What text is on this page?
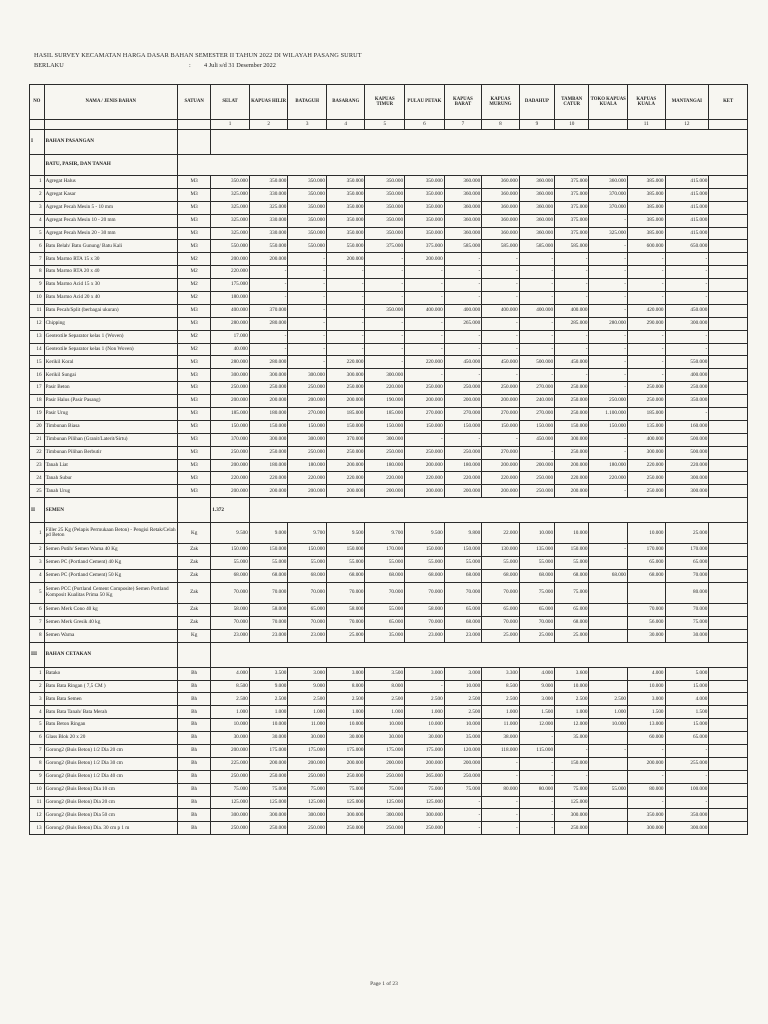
HASIL SURVEY KECAMATAN HARGA DASAR BAHAN SEMESTER II TAHUN 2022 DI WILAYAH PASANG SURUT
BERLAKU	: 4 Juli s/d 31 Desember 2022
NO	NAMA / JENIS BAHAN	SATUAN	SELAT	KAPUAS HILIR	BATAGUH	BASARANG	KAPUAS TIMUR	PULAU PETAK	KAPUAS BARAT	KAPUAS MURUNG	DADAHUP	TAMBAN CATUR	TOKO KAPUAS KUALA	KAPUAS KUALA	MANTANGAI	KET
			1	2	3	4	5	6	7	8	9	10		11	12	
I	BAHAN PASANGAN															
	BATU, PASIR, DAN TANAH															
1	Agregat Halus	M3	350.000	350.000	350.000	350.000	350.000	350.000	360.000	360.000	360.000	375.000	360.000	385.000	415.000	
2	Agregat Kasar	M3	325.000	330.000	350.000	350.000	350.000	350.000	360.000	360.000	360.000	375.000	370.000	385.000	415.000	
3	Agregat Pecah Mesin 5 - 10 mm	M3	325.000	325.000	350.000	350.000	350.000	350.000	360.000	360.000	360.000	375.000	370.000	385.000	415.000	
4	Agregat Pecah Mesin 10 - 20 mm	M3	325.000	330.000	350.000	350.000	350.000	350.000	360.000	360.000	360.000	375.000	-	385.000	415.000	
5	Agregat Pecah Mesin 20 - 30 mm	M3	325.000	330.000	350.000	350.000	350.000	350.000	360.000	360.000	360.000	375.000	325.000	385.000	415.000	
6	Batu Belah/ Batu Gunung/ Batu Kali	M3	550.000	550.000	550.000	550.000	375.000	375.000	585.000	585.000	585.000	585.000	-	600.000	650.000	
7	Batu Marmo RTA 15 x 30	M2	200.000	200.000	-	200.000	-	200.000	-	-	-	-	-	-	-	
8	Batu Marmo RTA 20 x 40	M2	220.000	-	-	-	-	-	-	-	-	-	-	-	-	
9	Batu Marmo Acid 15 x 30	M2	175.000	-	-	-	-	-	-	-	-	-	-	-	-	
10	Batu Marmo Acid 20 x 40	M2	180.000	-	-	-	-	-	-	-	-	-	-	-	-	
11	Batu Pecah/Split (berbagai ukuran)	M3	400.000	370.000	-	-	350.000	400.000	400.000	400.000	400.000	400.000	-	420.000	450.000	
12	Chipping	M3	280.000	280.000	-	-	-	-	265.000	-	-	285.000	280.000	290.000	300.000	
13	Geotextile Separator kelas 1 (Woven)	M2	17.000	-	-	-	-	-	-	-	-	-	-	-	-	
14	Geotextile Separator kelas 1 (Non Woven)	M2	40.000	-	-	-	-	-	-	-	-	-	-	-	-	
15	Kerikil Koral	M3	280.000	280.000	-	220.000	-	220.000	450.000	450.000	500.000	450.000	-	-	550.000	
16	Kerikil Sungai	M3	300.000	300.000	300.000	300.000	300.000	-	-	-	-	-	-	-	400.000	
17	Pasir Beton	M3	250.000	250.000	250.000	250.000	220.000	250.000	250.000	250.000	270.000	250.000	-	250.000	250.000	
18	Pasir Halus (Pasir Pasang)	M3	200.000	200.000	200.000	200.000	190.000	200.000	200.000	200.000	240.000	250.000	250.000	250.000	350.000	
19	Pasir Urug	M3	185.000	180.000	270.000	185.000	185.000	270.000	270.000	270.000	270.000	250.000	1.100.000	185.000	-	
20	Timbunan Biasa	M3	150.000	150.000	150.000	150.000	150.000	150.000	150.000	150.000	150.000	150.000	150.000	135.000	160.000	
21	Timbunan Pilihan (Granit/Laterit/Sirtu)	M3	370.000	300.000	300.000	370.000	300.000	-	-	-	450.000	300.000	-	400.000	500.000	
22	Timbunan Pilihan Berbutir	M3	250.000	250.000	250.000	250.000	250.000	250.000	250.000	270.000	-	250.000	-	300.000	500.000	
23	Tanah Liat	M3	200.000	180.000	180.000	200.000	180.000	200.000	180.000	200.000	200.000	200.000	180.000	220.000	220.000	
24	Tanah Subur	M3	220.000	220.000	220.000	220.000	220.000	220.000	220.000	220.000	250.000	220.000	220.000	250.000	300.000	
25	Tanah Urug	M3	200.000	200.000	200.000	200.000	200.000	200.000	200.000	200.000	250.000	200.000	-	250.000	300.000	
II	SEMEN		1.372													
1	Filler 25 Kg (Pelapis Permukaan Beton) - Pengisi Retak/Celah pd Beton	Kg	9.500	9.000	9.700	9.500	9.700	9.500	9.800	22.000	10.000	10.000		10.000	25.000	
2	Semen Putih/ Semen Warna 40 Kg	Zak	150.000	150.000	150.000	150.000	170.000	150.000	150.000	130.000	135.000	150.000	-	170.000	170.000	
3	Semen PC (Portland Cement) 40 Kg	Zak	55.000	55.000	55.000	55.000	55.000	55.000	55.000	55.000	55.000	55.000		65.000	65.000	
4	Semen PC (Portland Cement) 50 Kg	Zak	68.000	68.000	68.000	68.000	68.000	68.000	68.000	68.000	68.000	68.000	68.000	68.000	70.000	
5	Semen PCC (Portland Cement Composite) Semen Portland Komposit Kualitas Prima 50 Kg	Zak	70.000	70.000	70.000	70.000	70.000	70.000	70.000	70.000	75.000	75.000			80.000	
6	Semen Merk Cono 40 kg	Zak	58.000	58.000	65.000	58.000	55.000	58.000	65.000	65.000	65.000	65.000		70.000	70.000	
7	Semen Merk Gresik 40 kg	Zak	70.000	70.000	70.000	70.000	65.000	70.000	68.000	70.000	70.000	68.000		56.000	75.000	
8	Semen Warna	Kg	23.000	23.000	23.000	25.000	35.000	23.000	23.000	25.000	25.000	25.000		30.000	30.000	
III	BAHAN CETAKAN															
1	Batako	Bh	4.000	3.500	3.000	3.000	3.500	3.000	3.000	3.300	4.000	3.600		4.000	5.000	
2	Batu Bata Ringan ( 7,5 CM )	Bh	8.500	9.000	9.000	8.000	8.000	-	10.000	8.500	9.000	10.000		10.000	15.000	
3	Batu Bata Semen	Bh	2.500	2.500	2.500	2.500	2.500	2.500	2.500	2.500	3.000	2.500	2.500	3.000	4.000	
4	Batu Bata Tanah/ Bata Merah	Bh	1.000	1.000	1.000	1.000	1.000	1.000	2.500	1.000	1.500	1.000	1.000	1.500	1.500	
5	Batu Beton Ringan	Bh	10.000	10.000	11.000	10.000	10.000	10.000	10.000	11.000	12.000	12.000	10.000	13.000	15.000	
6	Glass Blok 20 x 20	Bh	30.000	30.000	30.000	30.000	30.000	30.000	35.000	38.000	-	35.000		60.000	65.000	
7	Gorong2 (Buis Beton) 1/2 Dia 20 cm	Bh	200.000	175.000	175.000	175.000	175.000	175.000	120.000	118.000	115.000	-	-	-	-	
8	Gorong2 (Buis Beton) 1/2 Dia 30 cm	Bh	225.000	200.000	200.000	200.000	200.000	200.000	200.000	-	-	150.000		200.000	255.000	
9	Gorong2 (Buis Beton) 1/2 Dia 40 cm	Bh	250.000	250.000	250.000	250.000	250.000	265.000	250.000	-	-	-		-	-	
10	Gorong2 (Buis Beton) Dia 10 cm	Bh	75.000	75.000	75.000	75.000	75.000	75.000	75.000	80.000	80.000	75.000	55.000	80.000	100.000	
11	Gorong2 (Buis Beton) Dia 20 cm	Bh	125.000	125.000	125.000	125.000	125.000	125.000	-	-	-	125.000		-	-	
12	Gorong2 (Buis Beton) Dia 50 cm	Bh	300.000	300.000	300.000	300.000	300.000	300.000	-	-	-	300.000		350.000	350.000	
13	Gorong2 (Buis Beton) Dia. 30 cm p 1 m	Bh	250.000	250.000	250.000	250.000	250.000	250.000	-	-	-	250.000		300.000	300.000	
Page 1 of 23
